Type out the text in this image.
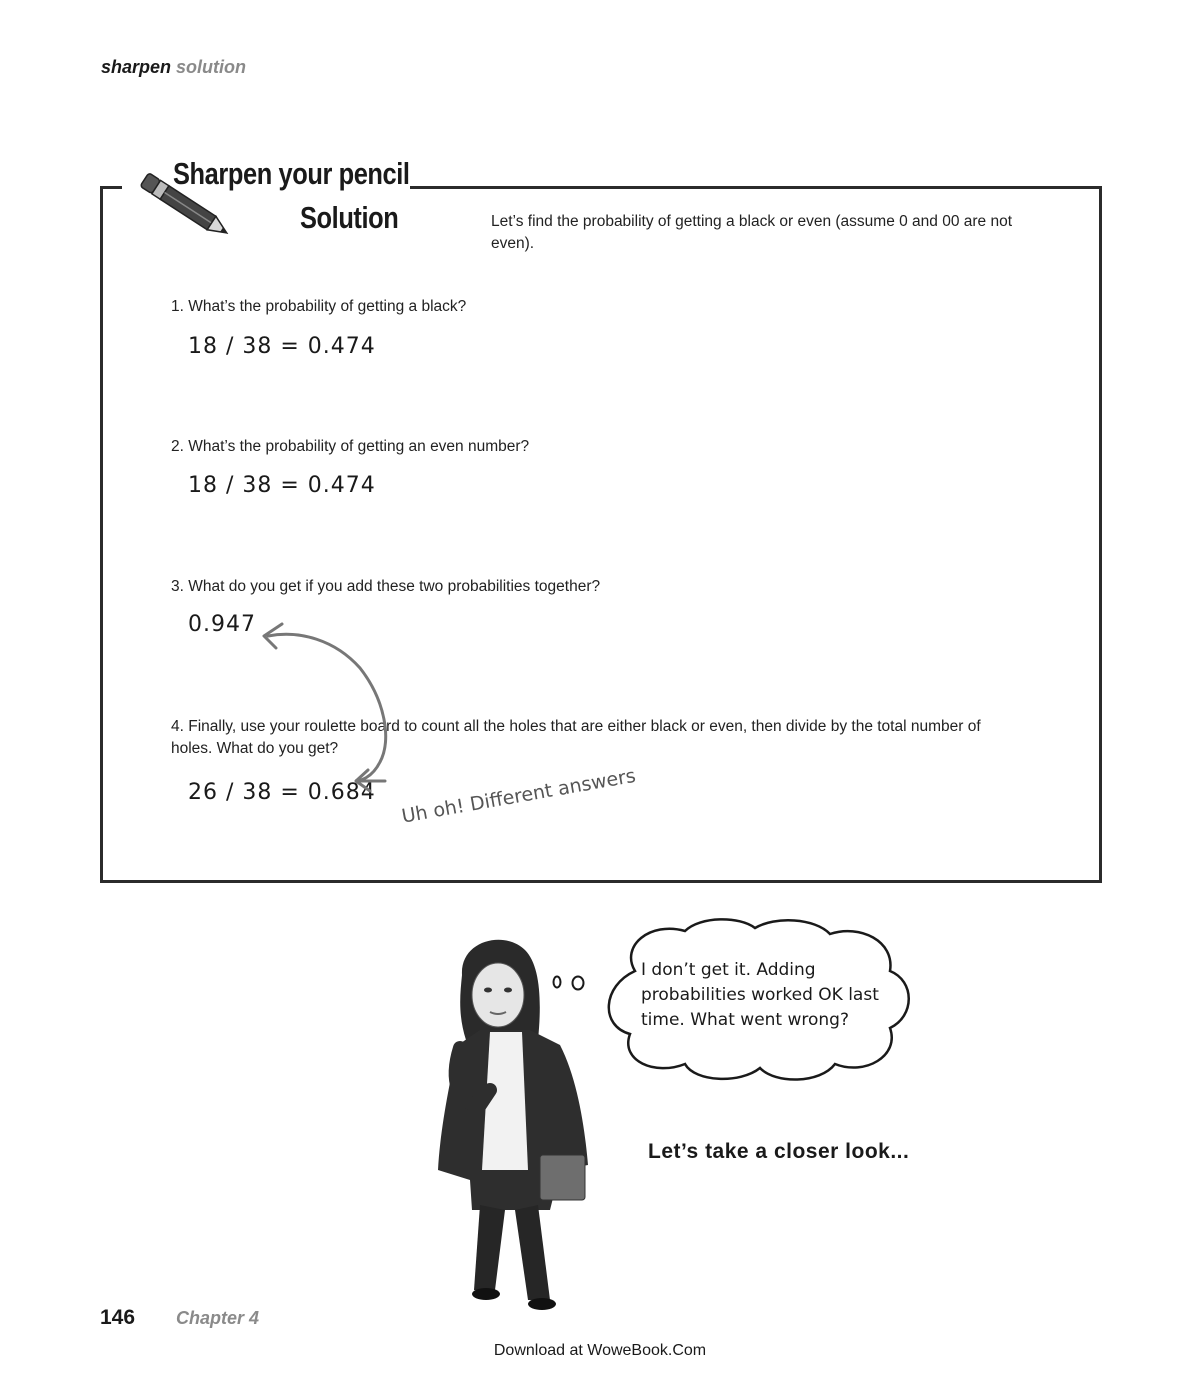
sharpen solution
Sharpen your pencil
Solution	Let’s find the probability of getting a black or even (assume 0 and 00 are not even).
1. What’s the probability of getting a black?
18 / 38 = 0.474
2. What’s the probability of getting an even number?
18 / 38 = 0.474
3. What do you get if you add these two probabilities together?
0.947
4. Finally, use your roulette board to count all the holes that are either black or even, then divide by the total number of holes. What do you get?
26 / 38 = 0.684 Uh oh! Different answers
I don’t get it. Adding probabilities worked OK last time. What went wrong?
Let’s take a closer look...
146 Chapter 4
Download at WoweBook.Com
